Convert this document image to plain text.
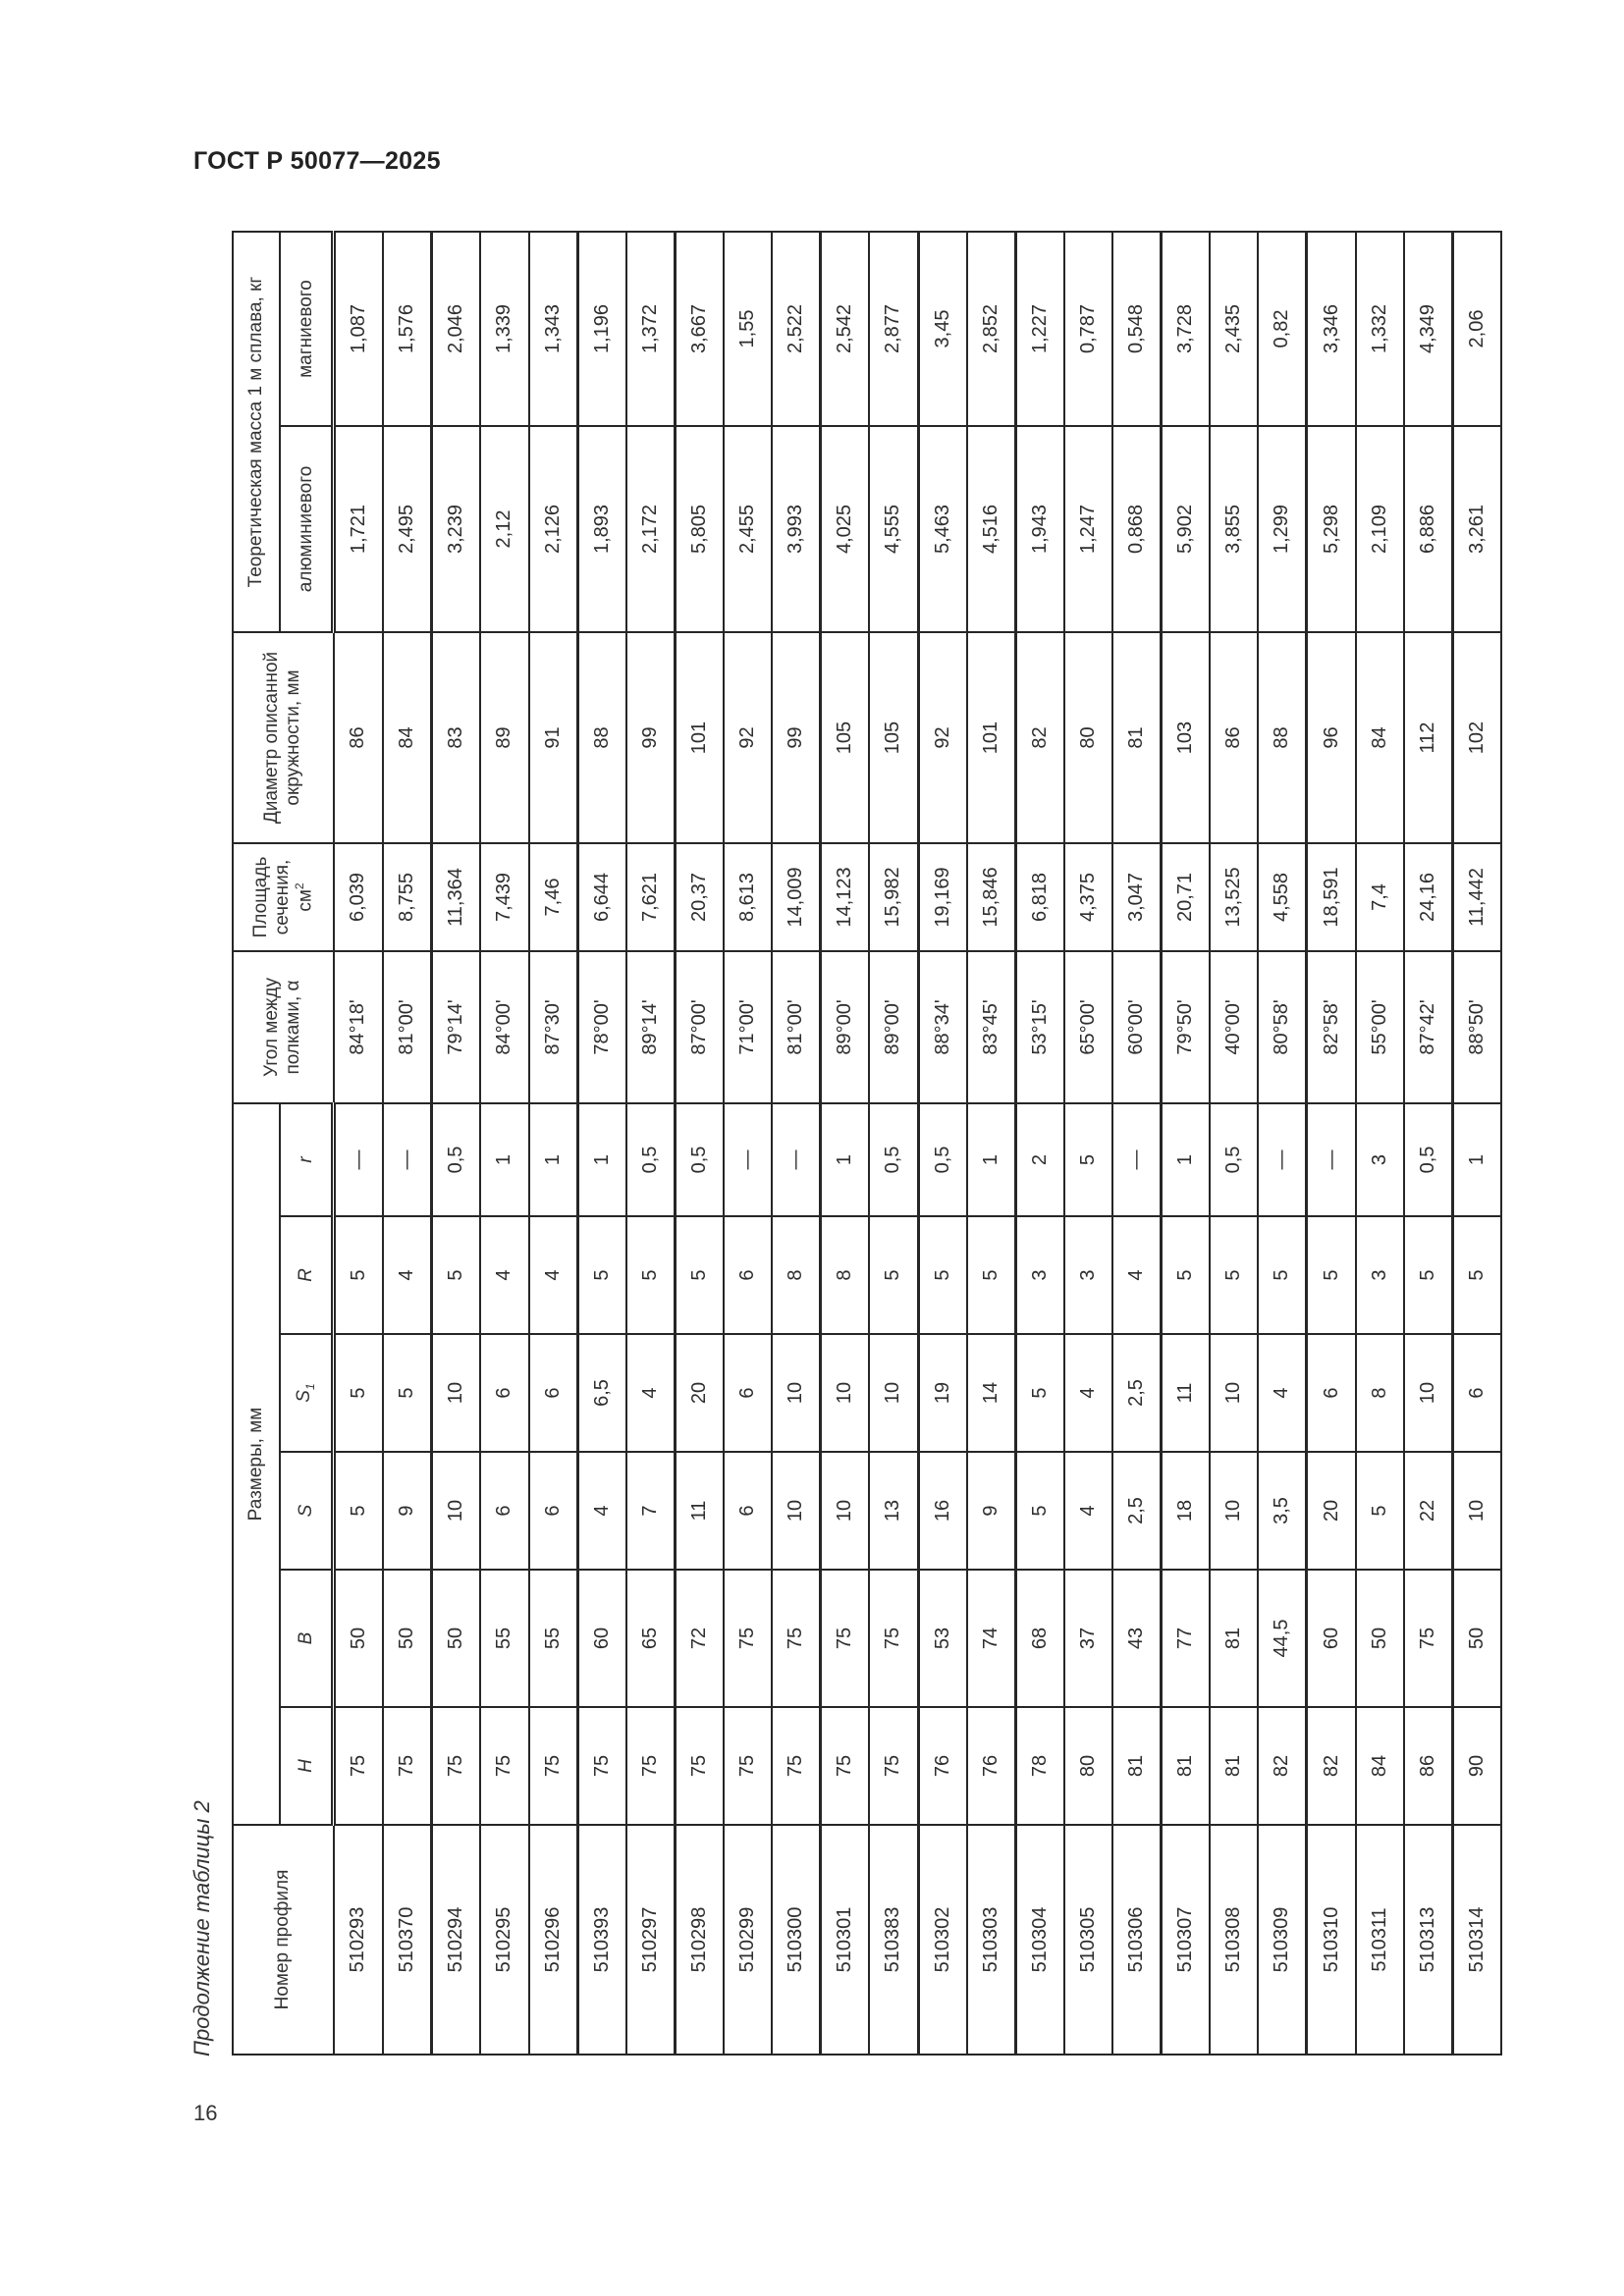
ГОСТ Р 50077—2025
Продолжение таблицы 2
16
Номер профиля	Размеры, мм						Угол между полками, α	Площадь сечения, $см^2$	Диаметр описанной окружности, мм	Теоретическая масса 1 м сплава, кг	
	H	B	S	$S_1$	R	r				алюминиевого	магниевого
510293	75	50	5	5	5	—	84°18'	6,039	86	1,721	1,087
510370	75	50	9	5	4	—	81°00'	8,755	84	2,495	1,576
510294	75	50	10	10	5	0,5	79°14'	11,364	83	3,239	2,046
510295	75	55	6	6	4	1	84°00'	7,439	89	2,12	1,339
510296	75	55	6	6	4	1	87°30'	7,46	91	2,126	1,343
510393	75	60	4	6,5	5	1	78°00'	6,644	88	1,893	1,196
510297	75	65	7	4	5	0,5	89°14'	7,621	99	2,172	1,372
510298	75	72	11	20	5	0,5	87°00'	20,37	101	5,805	3,667
510299	75	75	6	6	6	—	71°00'	8,613	92	2,455	1,55
510300	75	75	10	10	8	—	81°00'	14,009	99	3,993	2,522
510301	75	75	10	10	8	1	89°00'	14,123	105	4,025	2,542
510383	75	75	13	10	5	0,5	89°00'	15,982	105	4,555	2,877
510302	76	53	16	19	5	0,5	88°34'	19,169	92	5,463	3,45
510303	76	74	9	14	5	1	83°45'	15,846	101	4,516	2,852
510304	78	68	5	5	3	2	53°15'	6,818	82	1,943	1,227
510305	80	37	4	4	3	5	65°00'	4,375	80	1,247	0,787
510306	81	43	2,5	2,5	4	—	60°00'	3,047	81	0,868	0,548
510307	81	77	18	11	5	1	79°50'	20,71	103	5,902	3,728
510308	81	81	10	10	5	0,5	40°00'	13,525	86	3,855	2,435
510309	82	44,5	3,5	4	5	—	80°58'	4,558	88	1,299	0,82
510310	82	60	20	6	5	—	82°58'	18,591	96	5,298	3,346
510311	84	50	5	8	3	3	55°00'	7,4	84	2,109	1,332
510313	86	75	22	10	5	0,5	87°42'	24,16	112	6,886	4,349
510314	90	50	10	6	5	1	88°50'	11,442	102	3,261	2,06
